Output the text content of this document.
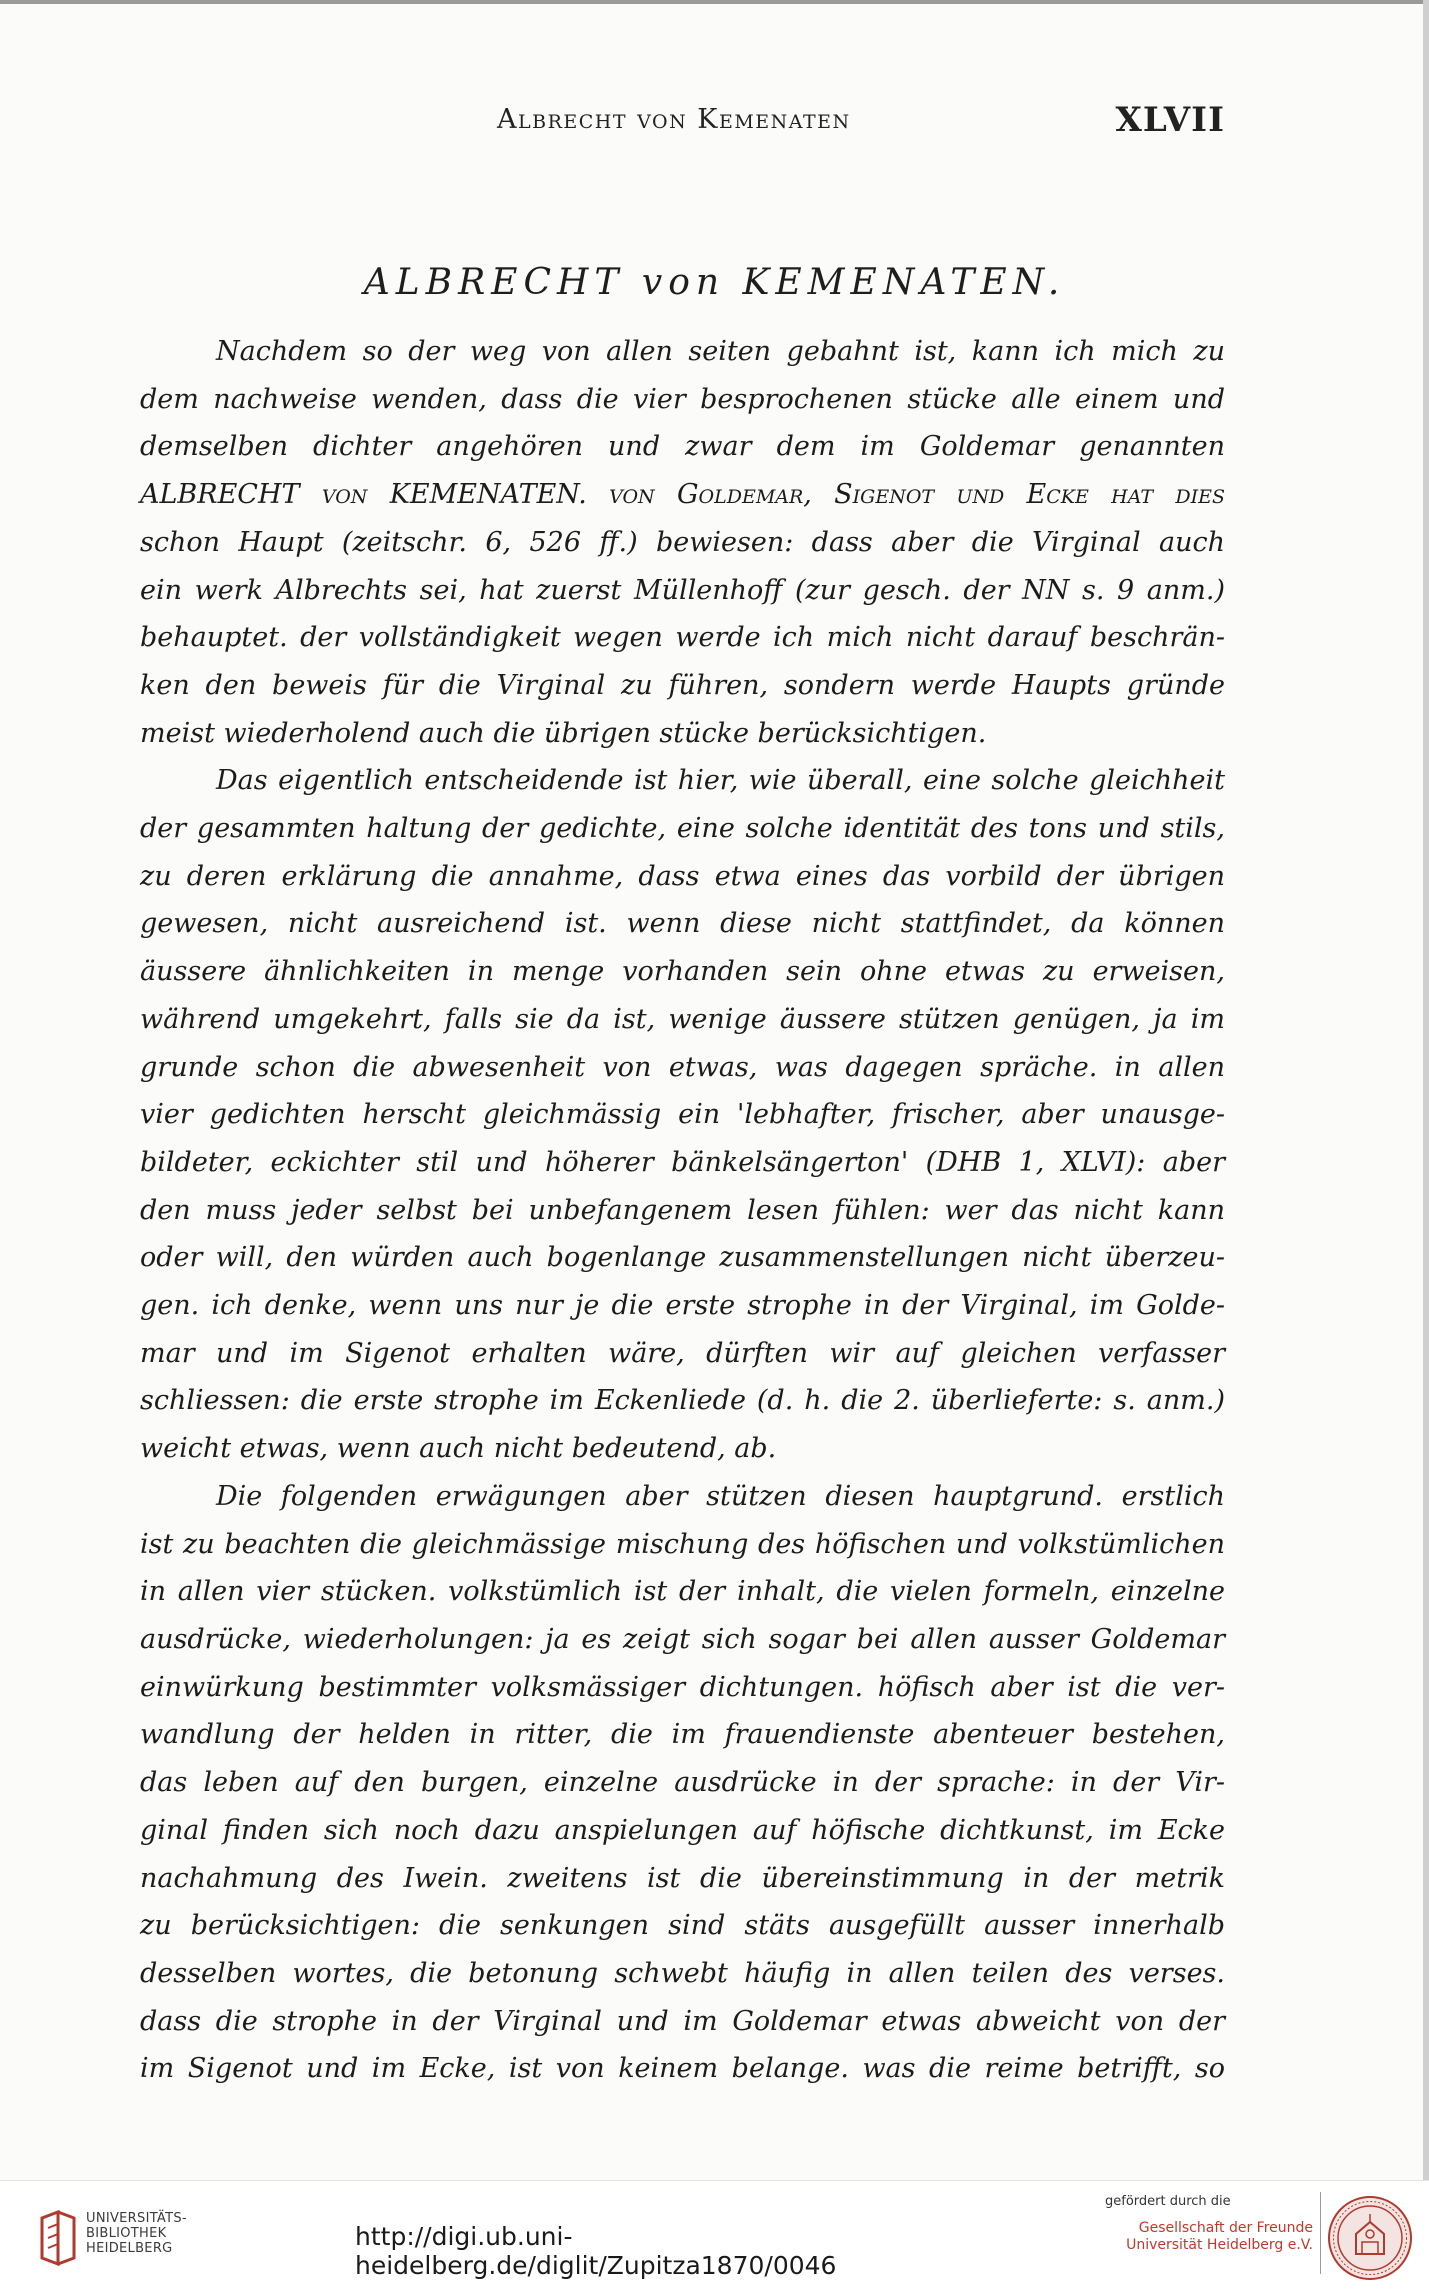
Albrecht von Kemenaten	XLVII
ALBRECHT von KEMENATEN.
Nachdem so der weg von allen seiten gebahnt ist, kann ich mich zu
dem nachweise wenden, dass die vier besprochenen stücke alle einem und
demselben dichter angehören und zwar dem im Goldemar genannten
ALBRECHT von KEMENATEN. von Goldemar, Sigenot und Ecke hat dies
schon Haupt (zeitschr. 6, 526 ff.) bewiesen: dass aber die Virginal auch
ein werk Albrechts sei, hat zuerst Müllenhoff (zur gesch. der NN s. 9 anm.)
behauptet. der vollständigkeit wegen werde ich mich nicht darauf beschrän-
ken den beweis für die Virginal zu führen, sondern werde Haupts gründe
meist wiederholend auch die übrigen stücke berücksichtigen.
Das eigentlich entscheidende ist hier, wie überall, eine solche gleichheit
der gesammten haltung der gedichte, eine solche identität des tons und stils,
zu deren erklärung die annahme, dass etwa eines das vorbild der übrigen
gewesen, nicht ausreichend ist. wenn diese nicht stattfindet, da können
äussere ähnlichkeiten in menge vorhanden sein ohne etwas zu erweisen,
während umgekehrt, falls sie da ist, wenige äussere stützen genügen, ja im
grunde schon die abwesenheit von etwas, was dagegen spräche. in allen
vier gedichten herscht gleichmässig ein 'lebhafter, frischer, aber unausge-
bildeter, eckichter stil und höherer bänkelsängerton' (DHB 1, XLVI): aber
den muss jeder selbst bei unbefangenem lesen fühlen: wer das nicht kann
oder will, den würden auch bogenlange zusammenstellungen nicht überzeu-
gen. ich denke, wenn uns nur je die erste strophe in der Virginal, im Golde-
mar und im Sigenot erhalten wäre, dürften wir auf gleichen verfasser
schliessen: die erste strophe im Eckenliede (d. h. die 2. überlieferte: s. anm.)
weicht etwas, wenn auch nicht bedeutend, ab.
Die folgenden erwägungen aber stützen diesen hauptgrund. erstlich
ist zu beachten die gleichmässige mischung des höfischen und volkstümlichen
in allen vier stücken. volkstümlich ist der inhalt, die vielen formeln, einzelne
ausdrücke, wiederholungen: ja es zeigt sich sogar bei allen ausser Goldemar
einwürkung bestimmter volksmässiger dichtungen. höfisch aber ist die ver-
wandlung der helden in ritter, die im frauendienste abenteuer bestehen,
das leben auf den burgen, einzelne ausdrücke in der sprache: in der Vir-
ginal finden sich noch dazu anspielungen auf höfische dichtkunst, im Ecke
nachahmung des Iwein. zweitens ist die übereinstimmung in der metrik
zu berücksichtigen: die senkungen sind stäts ausgefüllt ausser innerhalb
desselben wortes, die betonung schwebt häufig in allen teilen des verses.
dass die strophe in der Virginal und im Goldemar etwas abweicht von der
im Sigenot und im Ecke, ist von keinem belange. was die reime betrifft, so
UNIVERSITÄTS-
BIBLIOTHEK
HEIDELBERG	http://digi.ub.uni-heidelberg.de/diglit/Zupitza1870/0046
gefördert durch die
Gesellschaft der Freunde
Universität Heidelberg e.V.
